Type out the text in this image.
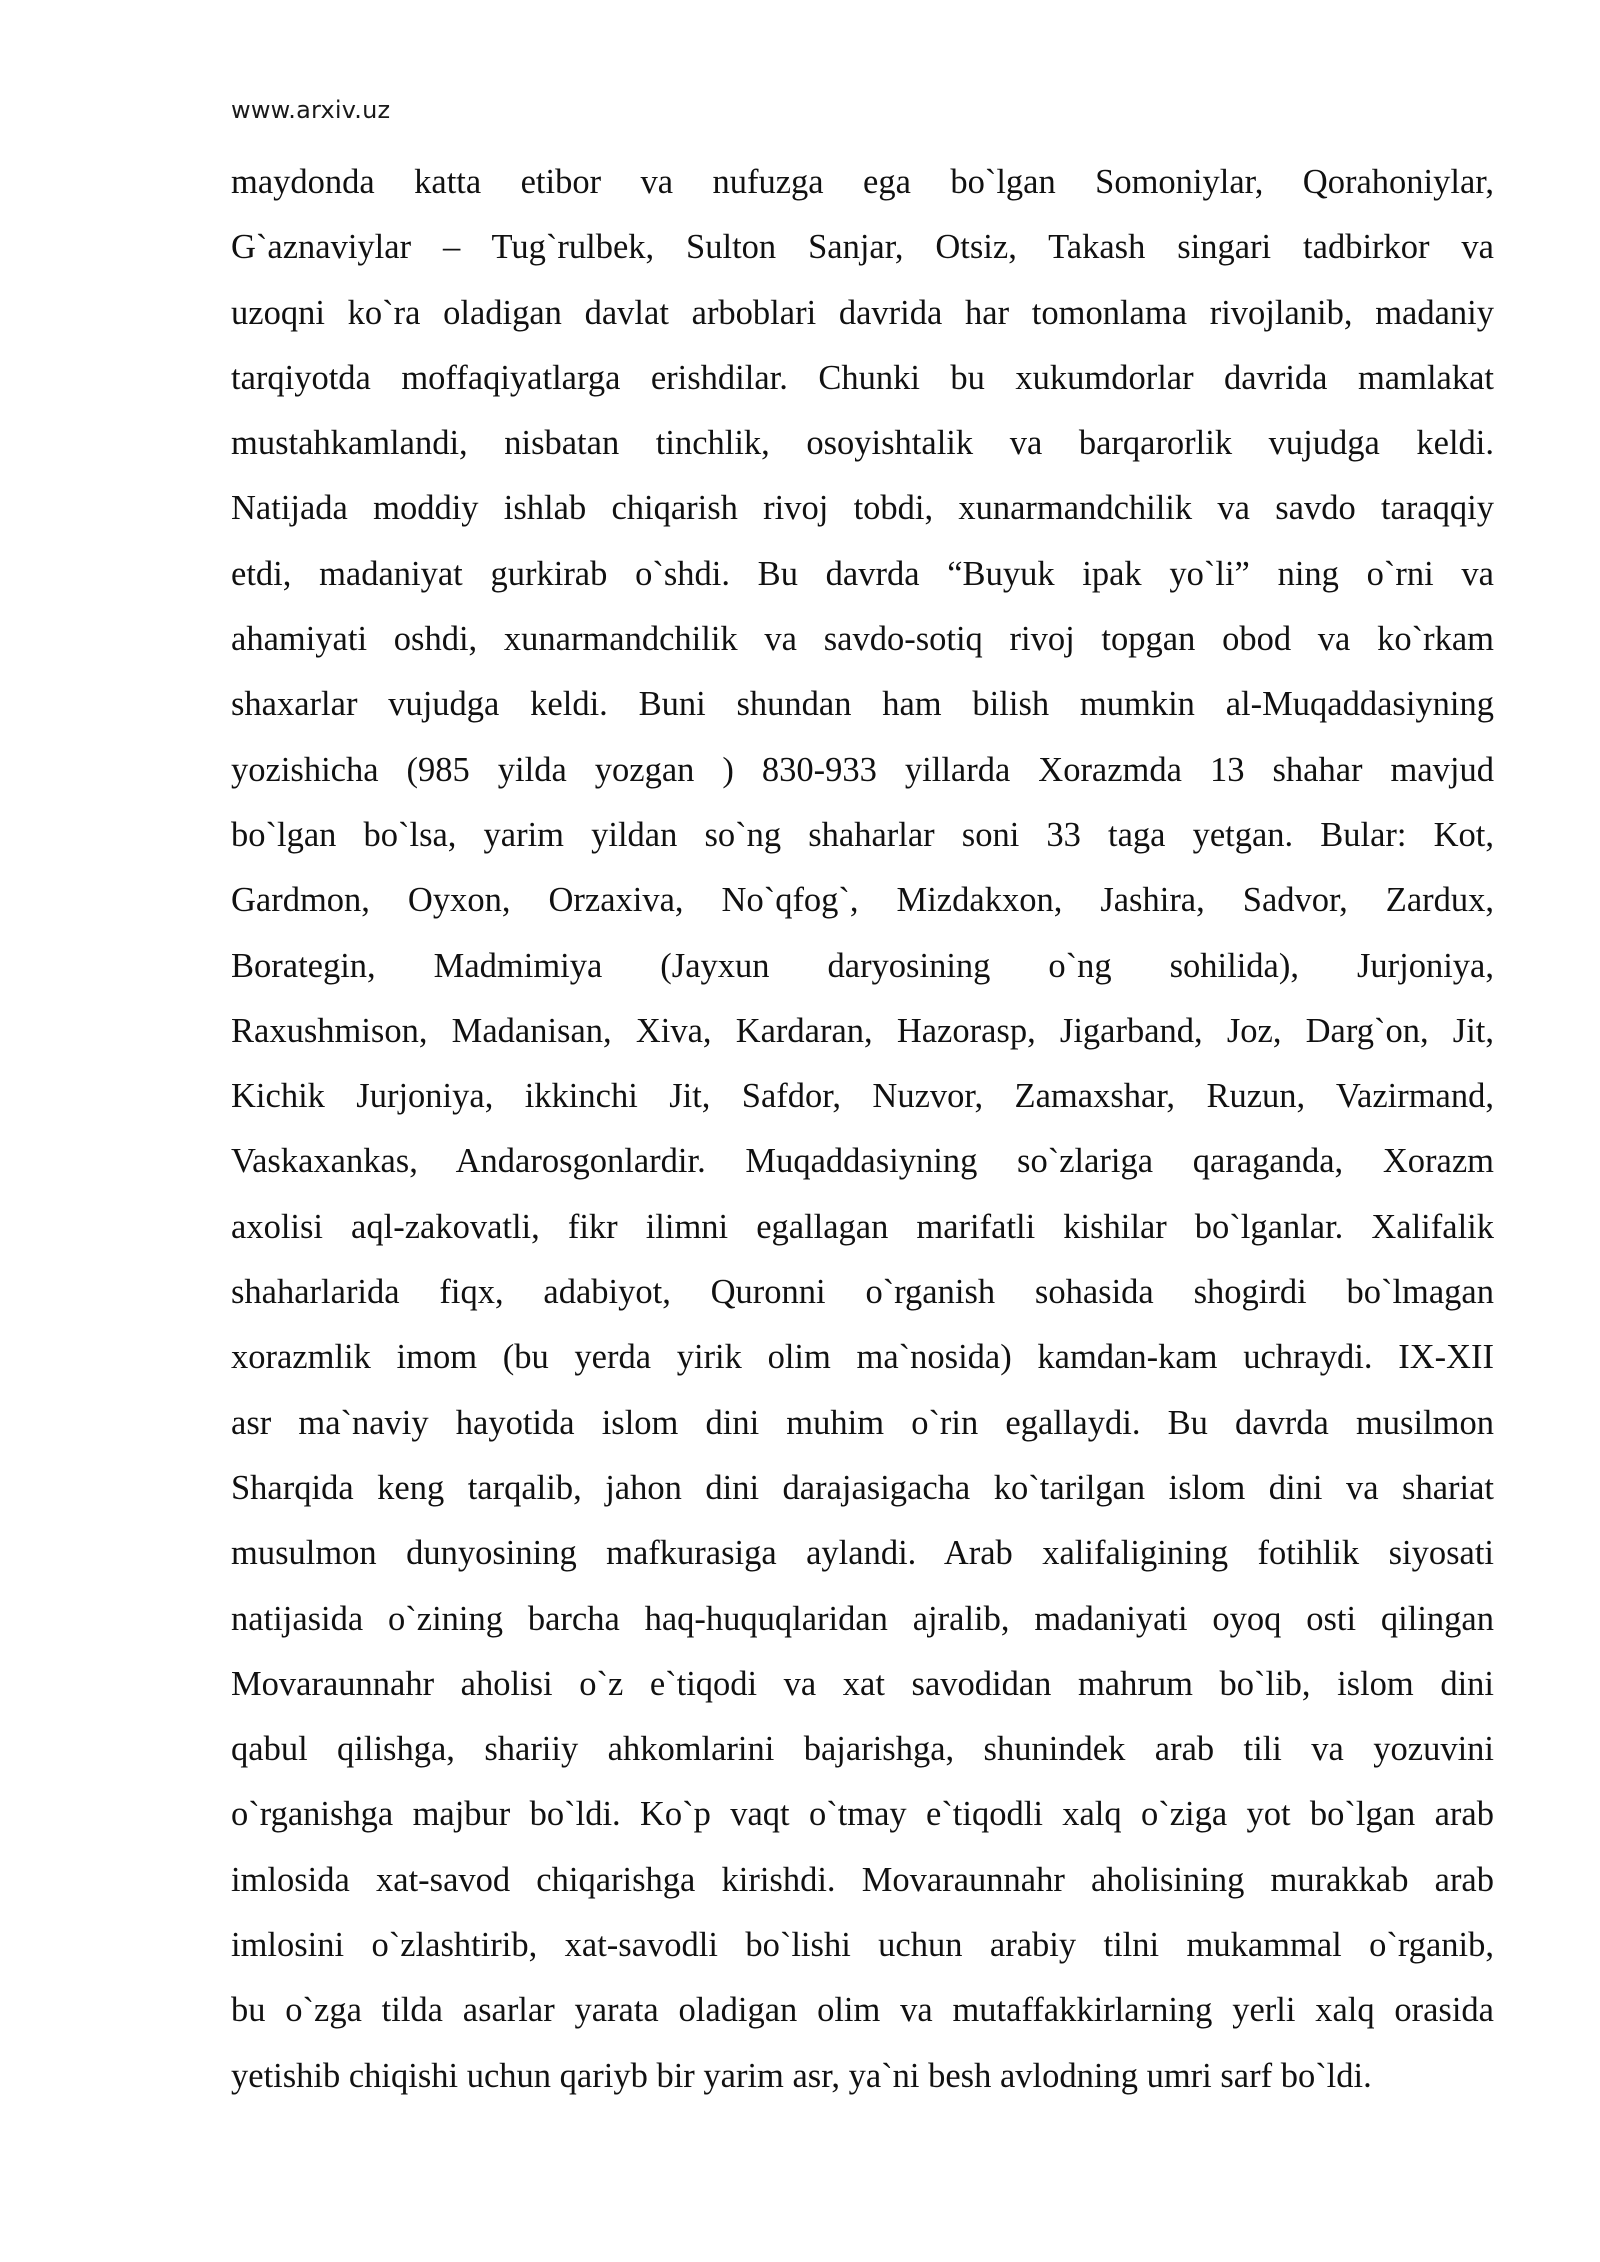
www.arxiv.uz
maydonda katta etibor va nufuzga ega bo`lgan Somoniylar, Qorahoniylar,
G`aznaviylar – Tug`rulbek, Sulton Sanjar, Otsiz, Takash singari tadbirkor va
uzoqni ko`ra oladigan davlat arboblari davrida har tomonlama rivojlanib, madaniy
tarqiyotda moffaqiyatlarga erishdilar. Chunki bu xukumdorlar davrida mamlakat
mustahkamlandi, nisbatan tinchlik, osoyishtalik va barqarorlik vujudga keldi.
Natijada moddiy ishlab chiqarish rivoj tobdi, xunarmandchilik va savdo taraqqiy
etdi, madaniyat gurkirab o`shdi. Bu davrda “Buyuk ipak yo`li” ning o`rni va
ahamiyati oshdi, xunarmandchilik va savdo-sotiq rivoj topgan obod va ko`rkam
shaxarlar vujudga keldi. Buni shundan ham bilish mumkin al-Muqaddasiyning
yozishicha (985 yilda yozgan ) 830-933 yillarda Xorazmda 13 shahar mavjud
bo`lgan bo`lsa, yarim yildan so`ng shaharlar soni 33 taga yetgan. Bular: Kot,
Gardmon, Oyxon, Orzaxiva, No`qfog`, Mizdakxon, Jashira, Sadvor, Zardux,
Borategin, Madmimiya (Jayxun daryosining o`ng sohilida), Jurjoniya,
Raxushmison, Madanisan, Xiva, Kardaran, Hazorasp, Jigarband, Joz, Darg`on, Jit,
Kichik Jurjoniya, ikkinchi Jit, Safdor, Nuzvor, Zamaxshar, Ruzun, Vazirmand,
Vaskaxankas, Andarosgonlardir. Muqaddasiyning so`zlariga qaraganda, Xorazm
axolisi aql-zakovatli, fikr ilimni egallagan marifatli kishilar bo`lganlar. Xalifalik
shaharlarida fiqx, adabiyot, Quronni o`rganish sohasida shogirdi bo`lmagan
xorazmlik imom (bu yerda yirik olim ma`nosida) kamdan-kam uchraydi. IX-XII
asr ma`naviy hayotida islom dini muhim o`rin egallaydi. Bu davrda musilmon
Sharqida keng tarqalib, jahon dini darajasigacha ko`tarilgan islom dini va shariat
musulmon dunyosining mafkurasiga aylandi. Arab xalifaligining fotihlik siyosati
natijasida o`zining barcha haq-huquqlaridan ajralib, madaniyati oyoq osti qilingan
Movaraunnahr aholisi o`z e`tiqodi va xat savodidan mahrum bo`lib, islom dini
qabul qilishga, shariiy ahkomlarini bajarishga, shunindek arab tili va yozuvini
o`rganishga majbur bo`ldi. Ko`p vaqt o`tmay e`tiqodli xalq o`ziga yot bo`lgan arab
imlosida xat-savod chiqarishga kirishdi. Movaraunnahr aholisining murakkab arab
imlosini o`zlashtirib, xat-savodli bo`lishi uchun arabiy tilni mukammal o`rganib,
bu o`zga tilda asarlar yarata oladigan olim va mutaffakkirlarning yerli xalq orasida
yetishib chiqishi uchun qariyb bir yarim asr, ya`ni besh avlodning umri sarf bo`ldi.
